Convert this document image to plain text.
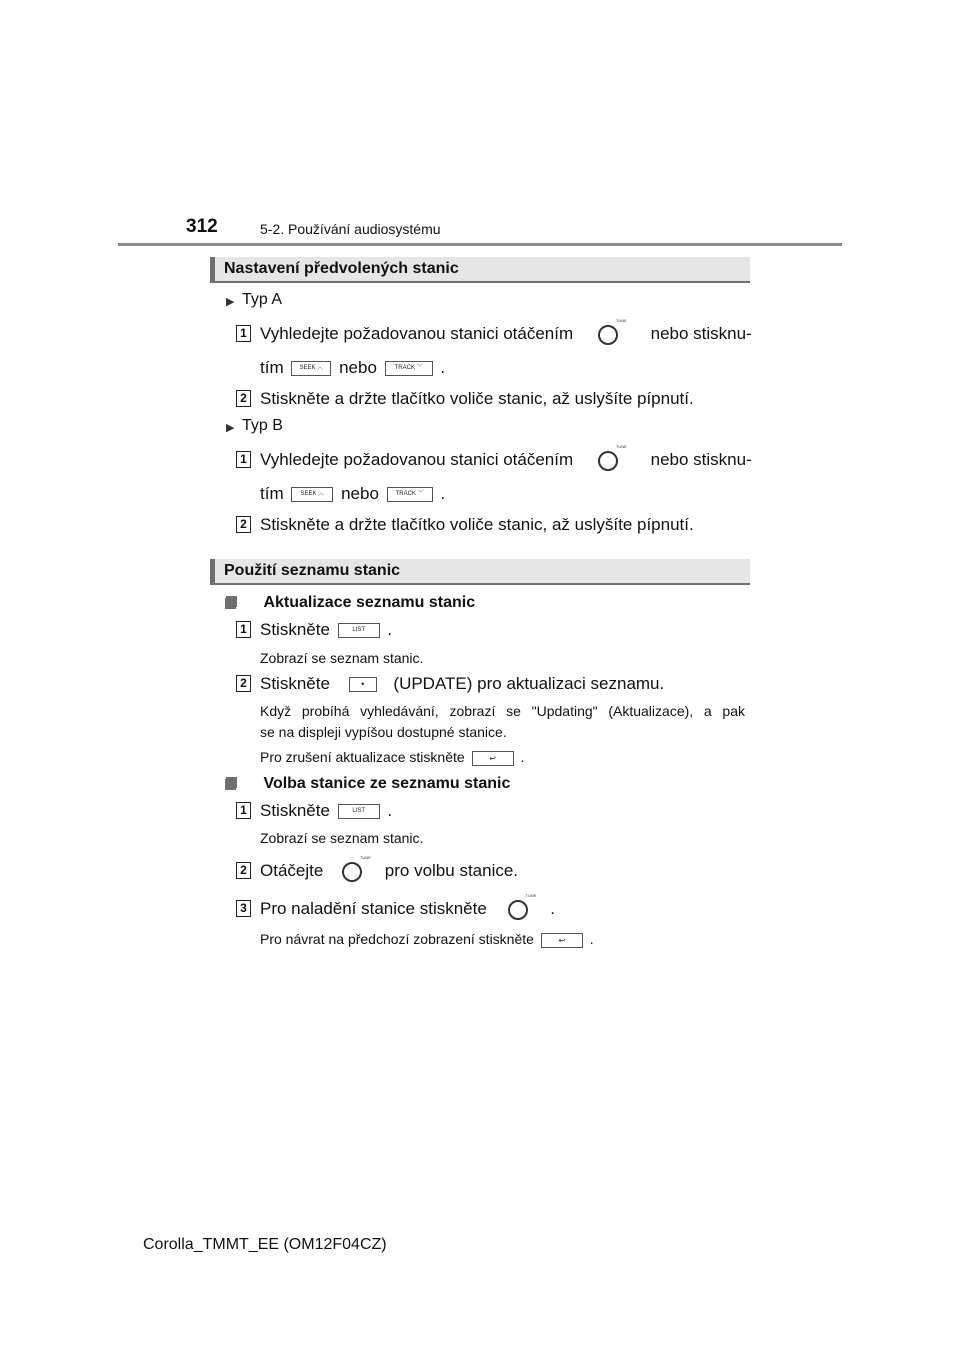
312	5-2. Používání audiosystému
Nastavení předvolených stanic
▶ Typ A
1 Vyhledejte požadovanou stanici otáčením TUNE	nebo stisknu-
tím	SEEK ︿ nebo	TRACK ﹀ .
2 Stiskněte a držte tlačítko voliče stanic, až uslyšíte pípnutí.
▶ Typ B
1 Vyhledejte požadovanou stanici otáčením TUNE	nebo stisknu-
tím	SEEK ︿ nebo	TRACK ﹀ .
2 Stiskněte a držte tlačítko voliče stanic, až uslyšíte pípnutí.
Použití seznamu stanic

Aktualizace seznamu stanic
1 Stiskněte	LIST .
Zobrazí se seznam stanic.
2 Stiskněte	• (UPDATE) pro aktualizaci seznamu.
Když probíhá vyhledávání, zobrazí se "Updating" (Aktualizace), a pak
se na displeji vypíšou dostupné stanice.
Pro zrušení aktualizace stiskněte	↩ .

Volba stanice ze seznamu stanic
1 Stiskněte	LIST .
Zobrazí se seznam stanic.
2 Otáčejte TUNE	pro volbu stanice.
3 Pro naladění stanice stiskněte TUNE	.
Pro návrat na předchozí zobrazení stiskněte	↩ .
Corolla_TMMT_EE (OM12F04CZ)
